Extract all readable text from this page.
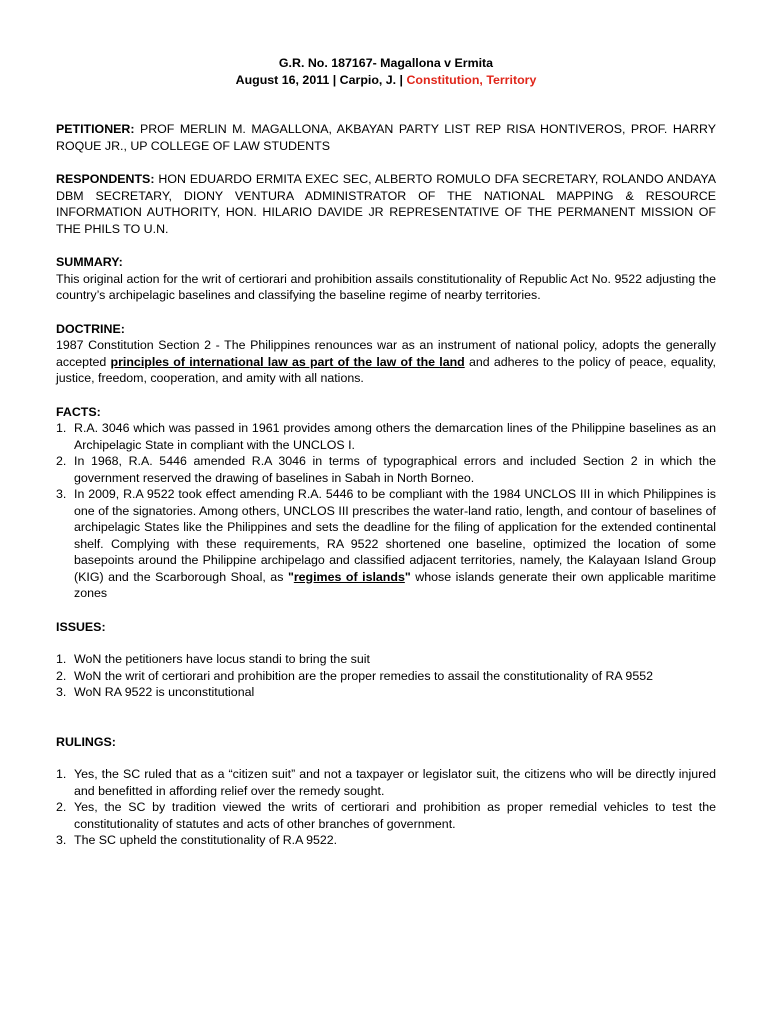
G.R. No. 187167- Magallona v Ermita
August 16, 2011 | Carpio, J. | Constitution, Territory
PETITIONER: PROF MERLIN M. MAGALLONA, AKBAYAN PARTY LIST REP RISA HONTIVEROS, PROF. HARRY ROQUE JR., UP COLLEGE OF LAW STUDENTS
RESPONDENTS: HON EDUARDO ERMITA EXEC SEC, ALBERTO ROMULO DFA SECRETARY, ROLANDO ANDAYA DBM SECRETARY, DIONY VENTURA ADMINISTRATOR OF THE NATIONAL MAPPING & RESOURCE INFORMATION AUTHORITY, HON. HILARIO DAVIDE JR REPRESENTATIVE OF THE PERMANENT MISSION OF THE PHILS TO U.N.
SUMMARY:
This original action for the writ of certiorari and prohibition assails constitutionality of Republic Act No. 9522 adjusting the country’s archipelagic baselines and classifying the baseline regime of nearby territories.
DOCTRINE:
1987 Constitution Section 2 - The Philippines renounces war as an instrument of national policy, adopts the generally accepted principles of international law as part of the law of the land and adheres to the policy of peace, equality, justice, freedom, cooperation, and amity with all nations.
FACTS:
1. R.A. 3046 which was passed in 1961 provides among others the demarcation lines of the Philippine baselines as an Archipelagic State in compliant with the UNCLOS I.
2. In 1968, R.A. 5446 amended R.A 3046 in terms of typographical errors and included Section 2 in which the government reserved the drawing of baselines in Sabah in North Borneo.
3. In 2009, R.A 9522 took effect amending R.A. 5446 to be compliant with the 1984 UNCLOS III in which Philippines is one of the signatories. Among others, UNCLOS III prescribes the water-land ratio, length, and contour of baselines of archipelagic States like the Philippines and sets the deadline for the filing of application for the extended continental shelf. Complying with these requirements, RA 9522 shortened one baseline, optimized the location of some basepoints around the Philippine archipelago and classified adjacent territories, namely, the Kalayaan Island Group (KIG) and the Scarborough Shoal, as "regimes of islands" whose islands generate their own applicable maritime zones
ISSUES:
1. WoN the petitioners have locus standi to bring the suit
2. WoN the writ of certiorari and prohibition are the proper remedies to assail the constitutionality of RA 9552
3. WoN RA 9522 is unconstitutional
RULINGS:
1. Yes, the SC ruled that as a “citizen suit” and not a taxpayer or legislator suit, the citizens who will be directly injured and benefitted in affording relief over the remedy sought.
2. Yes, the SC by tradition viewed the writs of certiorari and prohibition as proper remedial vehicles to test the constitutionality of statutes and acts of other branches of government.
3. The SC upheld the constitutionality of R.A 9522.
